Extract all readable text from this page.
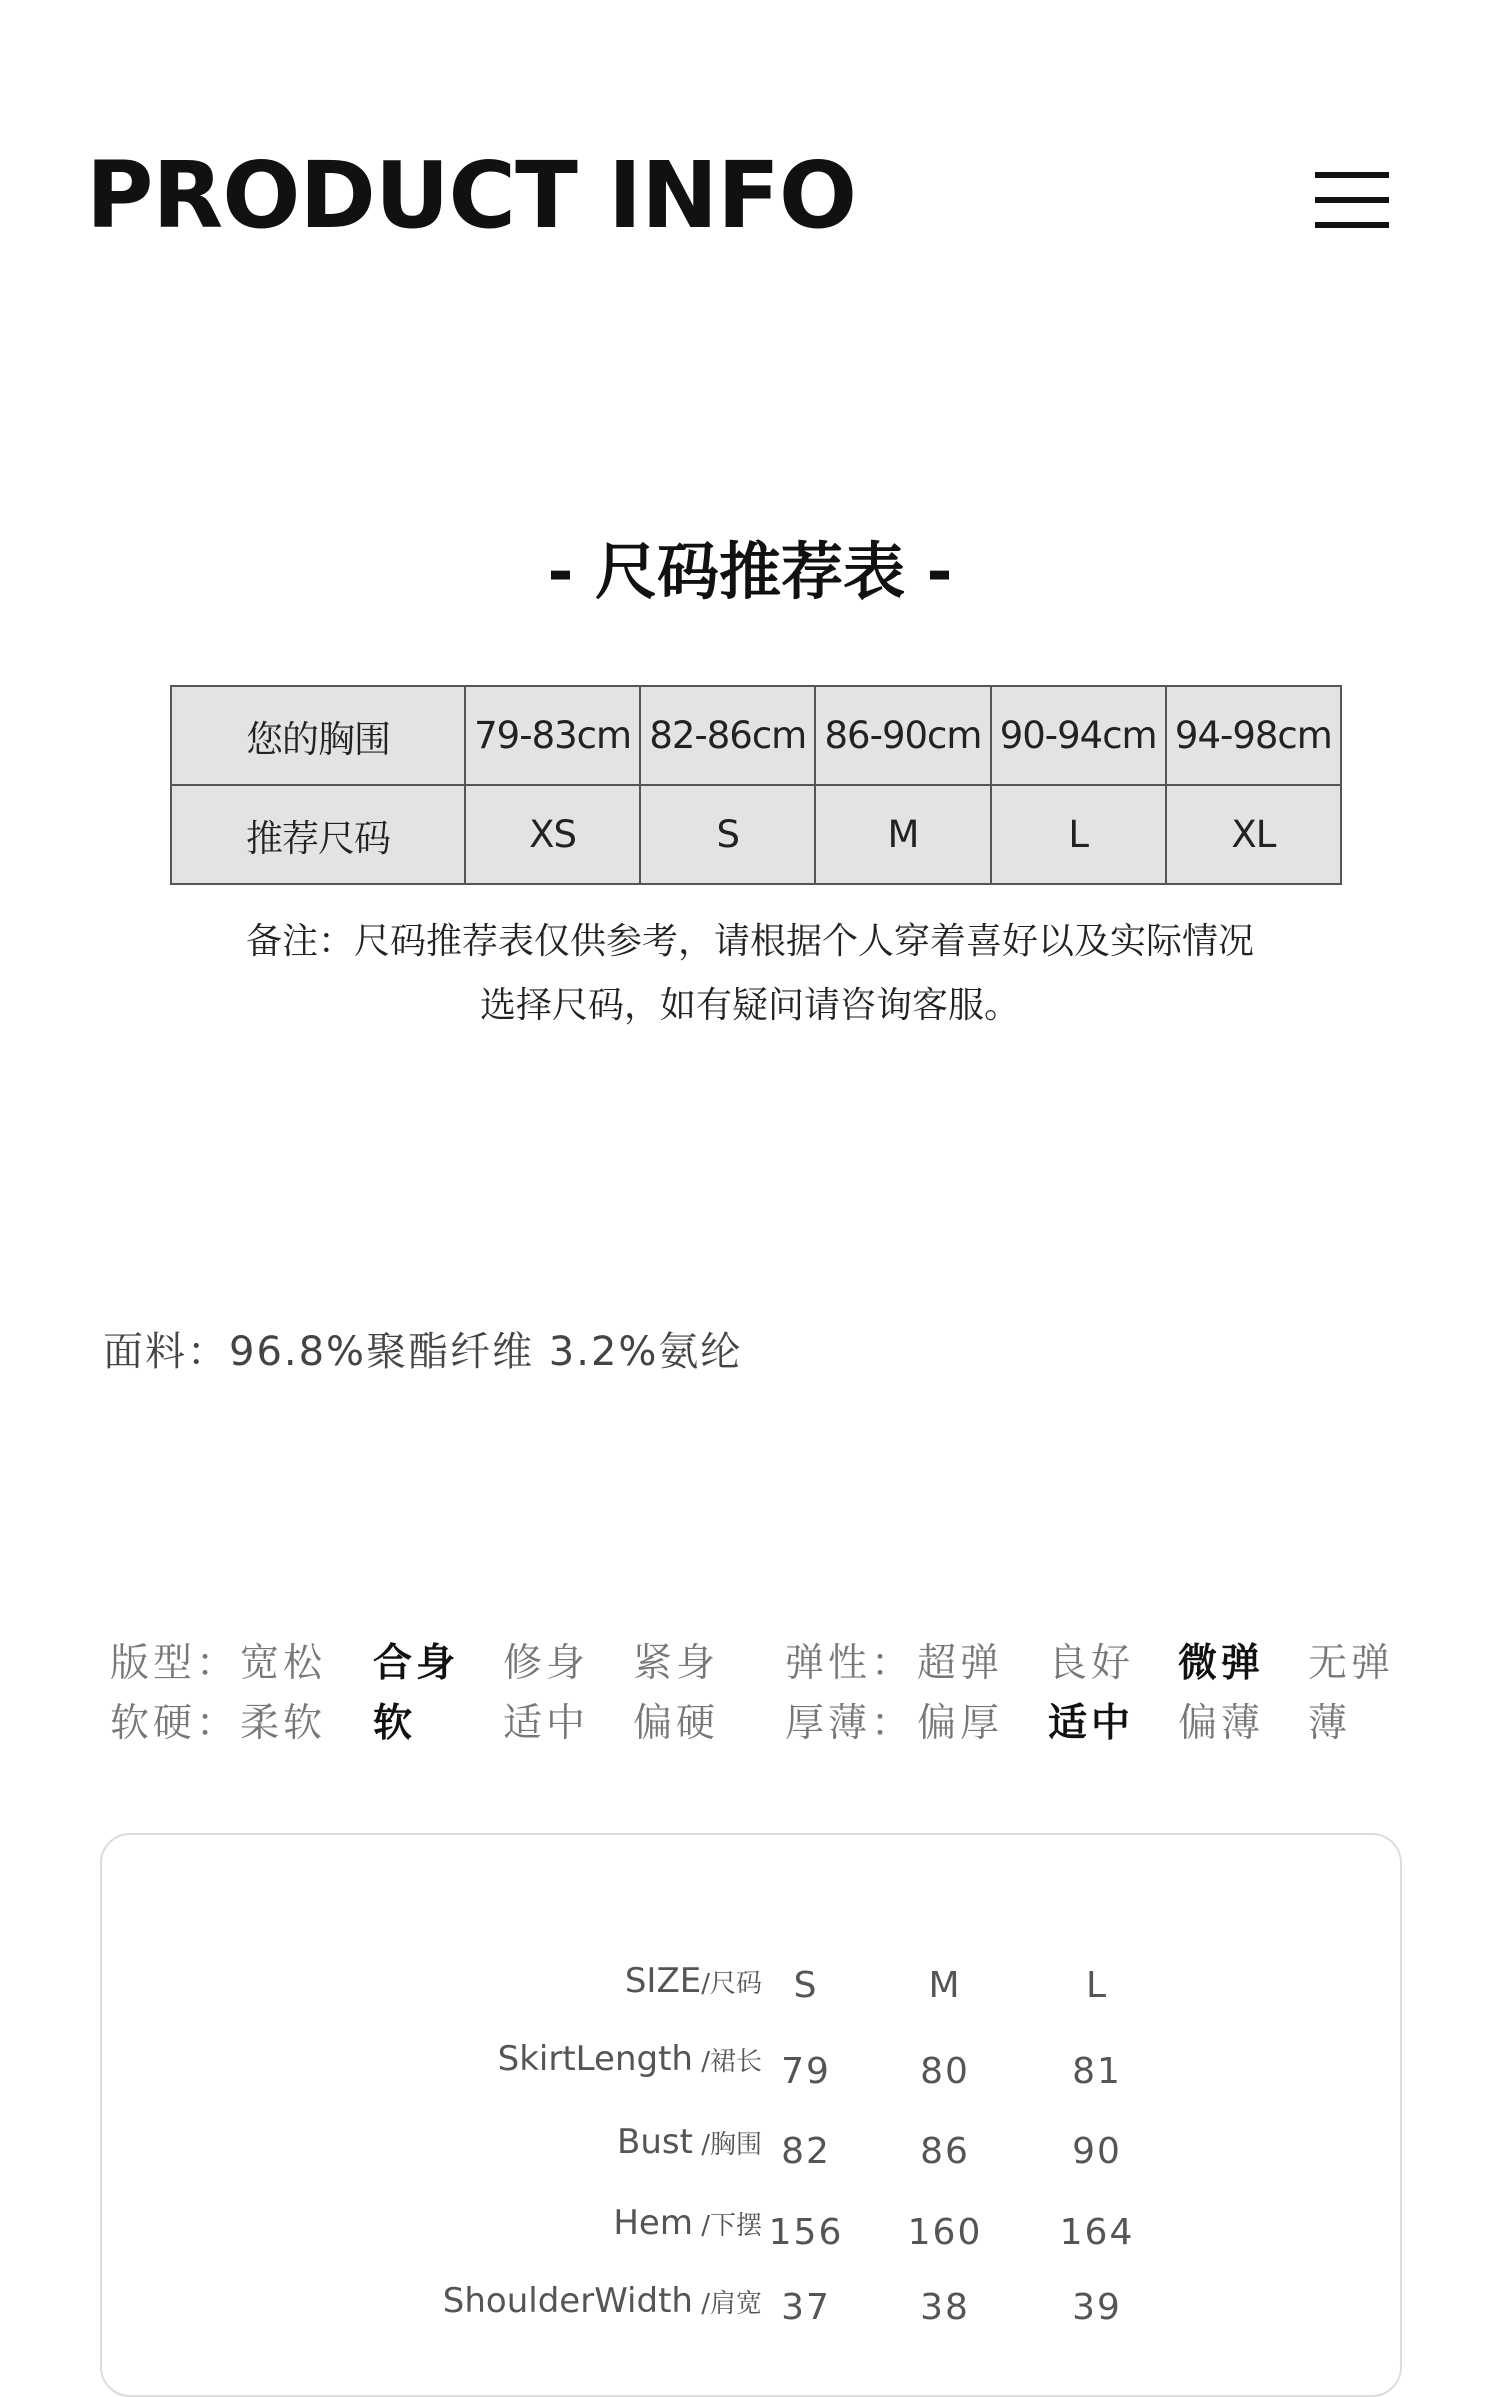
PRODUCT INFO
- 尺码推荐表 -
您的胸围	79-83cm	82-86cm	86-90cm	90-94cm	94-98cm
推荐尺码	XS	S	M	L	XL
备注：尺码推荐表仅供参考，请根据个人穿着喜好以及实际情况
选择尺码，如有疑问请咨询客服。
面料：96.8%聚酯纤维 3.2%氨纶
版型： 宽松 合身 修身 紧身 弹性： 超弹 良好 微弹 无弹
软硬： 柔软 软 适中 偏硬 厚薄： 偏厚 适中 偏薄 薄
SIZE/尺码 S	M	L
SkirtLength /裙长 79	80	81
Bust /胸围 82	86	90
Hem /下摆 156	160	164
ShoulderWidth /肩宽 37	38	39
